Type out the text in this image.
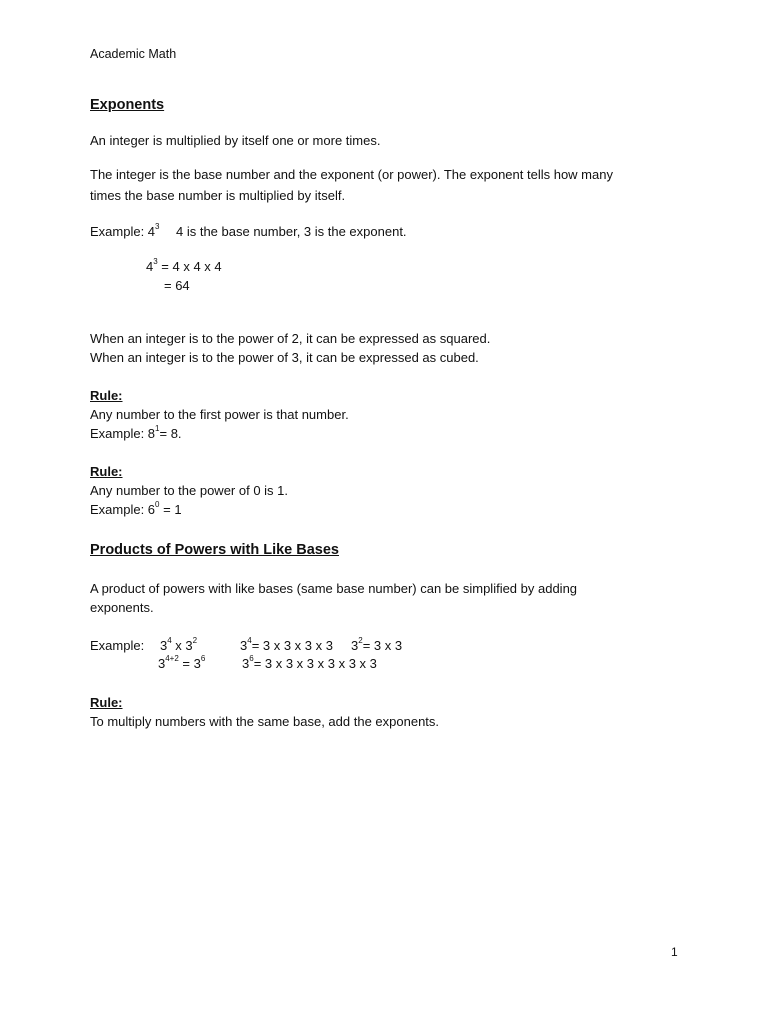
Academic Math
Exponents
An integer is multiplied by itself one or more times.
The integer is the base number and the exponent (or power). The exponent tells how many
times the base number is multiplied by itself.
Example: $4^3$ 4 is the base number, 3 is the exponent.
$4^3 = 4$ x 4 x 4
= 64
When an integer is to the power of 2, it can be expressed as squared.
When an integer is to the power of 3, it can be expressed as cubed.
Rule:
Any number to the first power is that number.
Example: $8^1= 8$.
Rule:
Any number to the power of 0 is 1.
Example: $6^0 = 1$
Products of Powers with Like Bases
A product of powers with like bases (same base number) can be simplified by adding
exponents.
Example: $3^4$ x $3^2$	$3^4= 3$ x 3 x 3 x 3 $3^2= 3$ x 3
$3^{4+2} = 3^6$	$3^6= 3$ x 3 x 3 x 3 x 3 x 3
Rule:
To multiply numbers with the same base, add the exponents.
1
